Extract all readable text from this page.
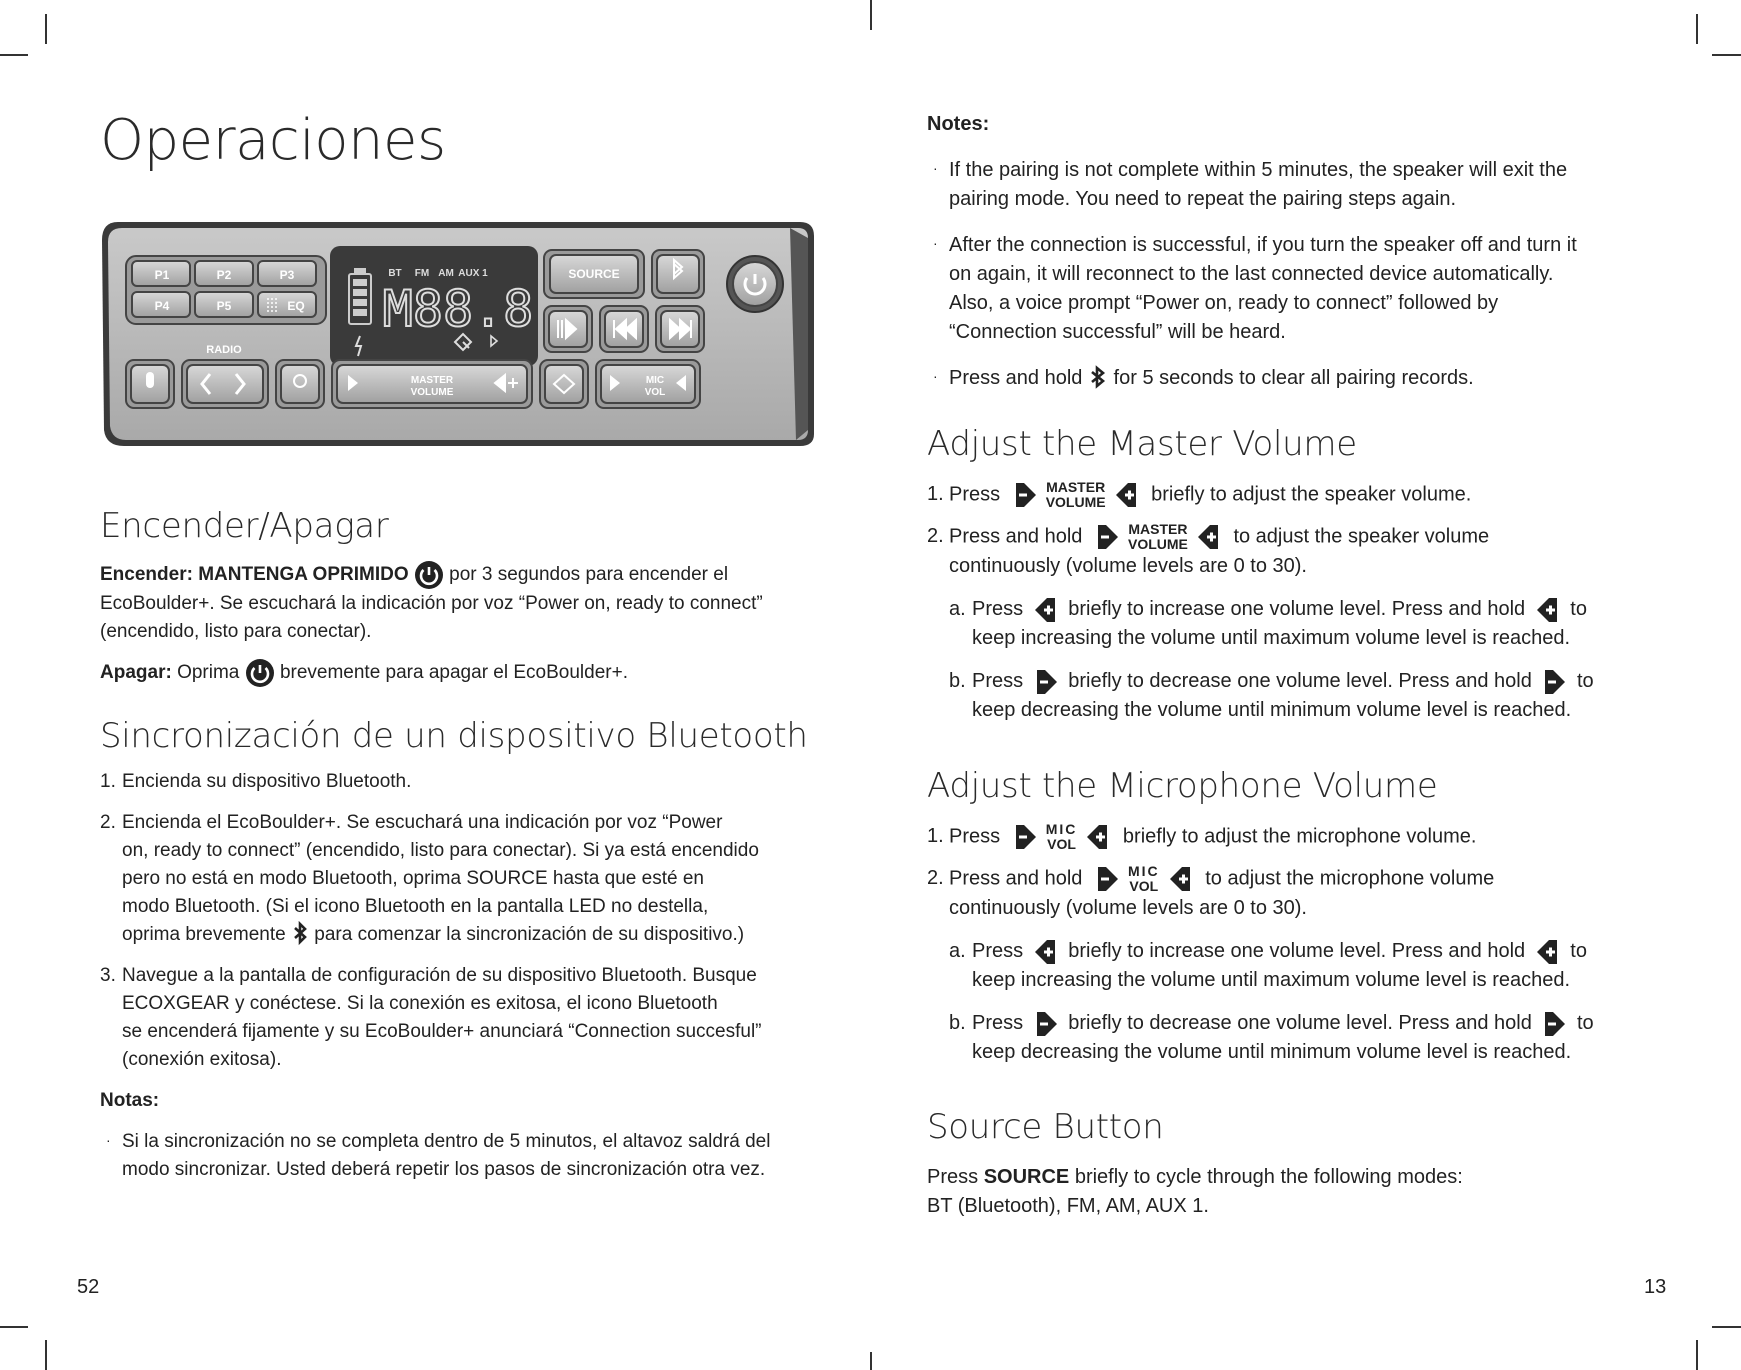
Operaciones
P1	P2	P3
P4	P5	EQ
RADIO
BT FM AM AUX 1
M88.8
SOURCE
MASTER
VOLUME
MIC
VOL
Encender/Apagar

Encender: MANTENGA OPRIMIDO por 3 segundos para encender el

EcoBoulder+. Se escuchará la indicación por voz “Power on, ready to connect”

(encendido, listo para conectar).

Apagar: Oprima brevemente para apagar el EcoBoulder+.

Sincronización de un dispositivo Bluetooth
1. Encienda su dispositivo Bluetooth.
2. Encienda el EcoBoulder+. Se escuchará una indicación por voz “Power

on, ready to connect” (encendido, listo para conectar). Si ya está encendido

pero no está en modo Bluetooth, oprima SOURCE hasta que esté en

modo Bluetooth. (Si el icono Bluetooth en la pantalla LED no destella,

oprima brevemente para comenzar la sincronización de su dispositivo.)

3. Navegue a la pantalla de configuración de su dispositivo Bluetooth. Busque

ECOXGEAR y conéctese. Si la conexión es exitosa, el icono Bluetooth

se encenderá fijamente y su EcoBoulder+ anunciará “Connection succesful”

(conexión exitosa).

Notas:

· Si la sincronización no se completa dentro de 5 minutos, el altavoz saldrá del

modo sincronizar. Usted deberá repetir los pasos de sincronización otra vez.

52

Notes:

· If the pairing is not complete within 5 minutes, the speaker will exit the

pairing mode. You need to repeat the pairing steps again.

· After the connection is successful, if you turn the speaker off and turn it

on again, it will reconnect to the last connected device automatically.

Also, a voice prompt “Power on, ready to connect” followed by

“Connection successful” will be heard.

· Press and hold for 5 seconds to clear all pairing records.

Adjust the Master Volume
1. Press	MASTER
VOLUME briefly to adjust the speaker volume.
2. Press and hold	MASTER
VOLUME to adjust the speaker volume

continuously (volume levels are 0 to 30).

a. Press briefly to increase one volume level. Press and hold to

keep increasing the volume until maximum volume level is reached.

b. Press briefly to decrease one volume level. Press and hold to

keep decreasing the volume until minimum volume level is reached.

Adjust the Microphone Volume
1. Press	MIC
VOL briefly to adjust the microphone volume.
2. Press and hold	MIC
VOL to adjust the microphone volume

continuously (volume levels are 0 to 30).

a. Press briefly to increase one volume level. Press and hold to

keep increasing the volume until maximum volume level is reached.

b. Press briefly to decrease one volume level. Press and hold to

keep decreasing the volume until minimum volume level is reached.

Source Button

Press SOURCE briefly to cycle through the following modes:

BT (Bluetooth), FM, AM, AUX 1.

13
